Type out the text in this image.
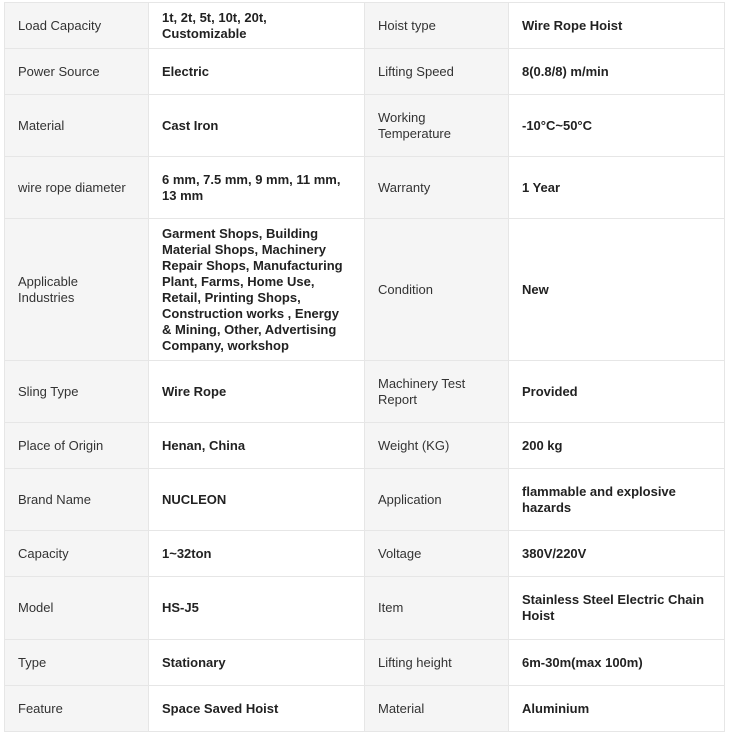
Load Capacity	1t, 2t, 5t, 10t, 20t, Customizable	Hoist type	Wire Rope Hoist
Power Source	Electric	Lifting Speed	8(0.8/8) m/min
Material	Cast Iron	Working Temperature	-10°C~50°C
wire rope diameter	6 mm, 7.5 mm, 9 mm, 11 mm, 13 mm	Warranty	1 Year
Applicable Industries	Garment Shops, Building Material Shops, Machinery Repair Shops, Manufacturing Plant, Farms, Home Use, Retail, Printing Shops, Construction works , Energy & Mining, Other, Advertising Company, workshop	Condition	New
Sling Type	Wire Rope	Machinery Test Report	Provided
Place of Origin	Henan, China	Weight (KG)	200 kg
Brand Name	NUCLEON	Application	flammable and explosive hazards
Capacity	1~32ton	Voltage	380V/220V
Model	HS-J5	Item	Stainless Steel Electric Chain Hoist
Type	Stationary	Lifting height	6m-30m(max 100m)
Feature	Space Saved Hoist	Material	Aluminium
